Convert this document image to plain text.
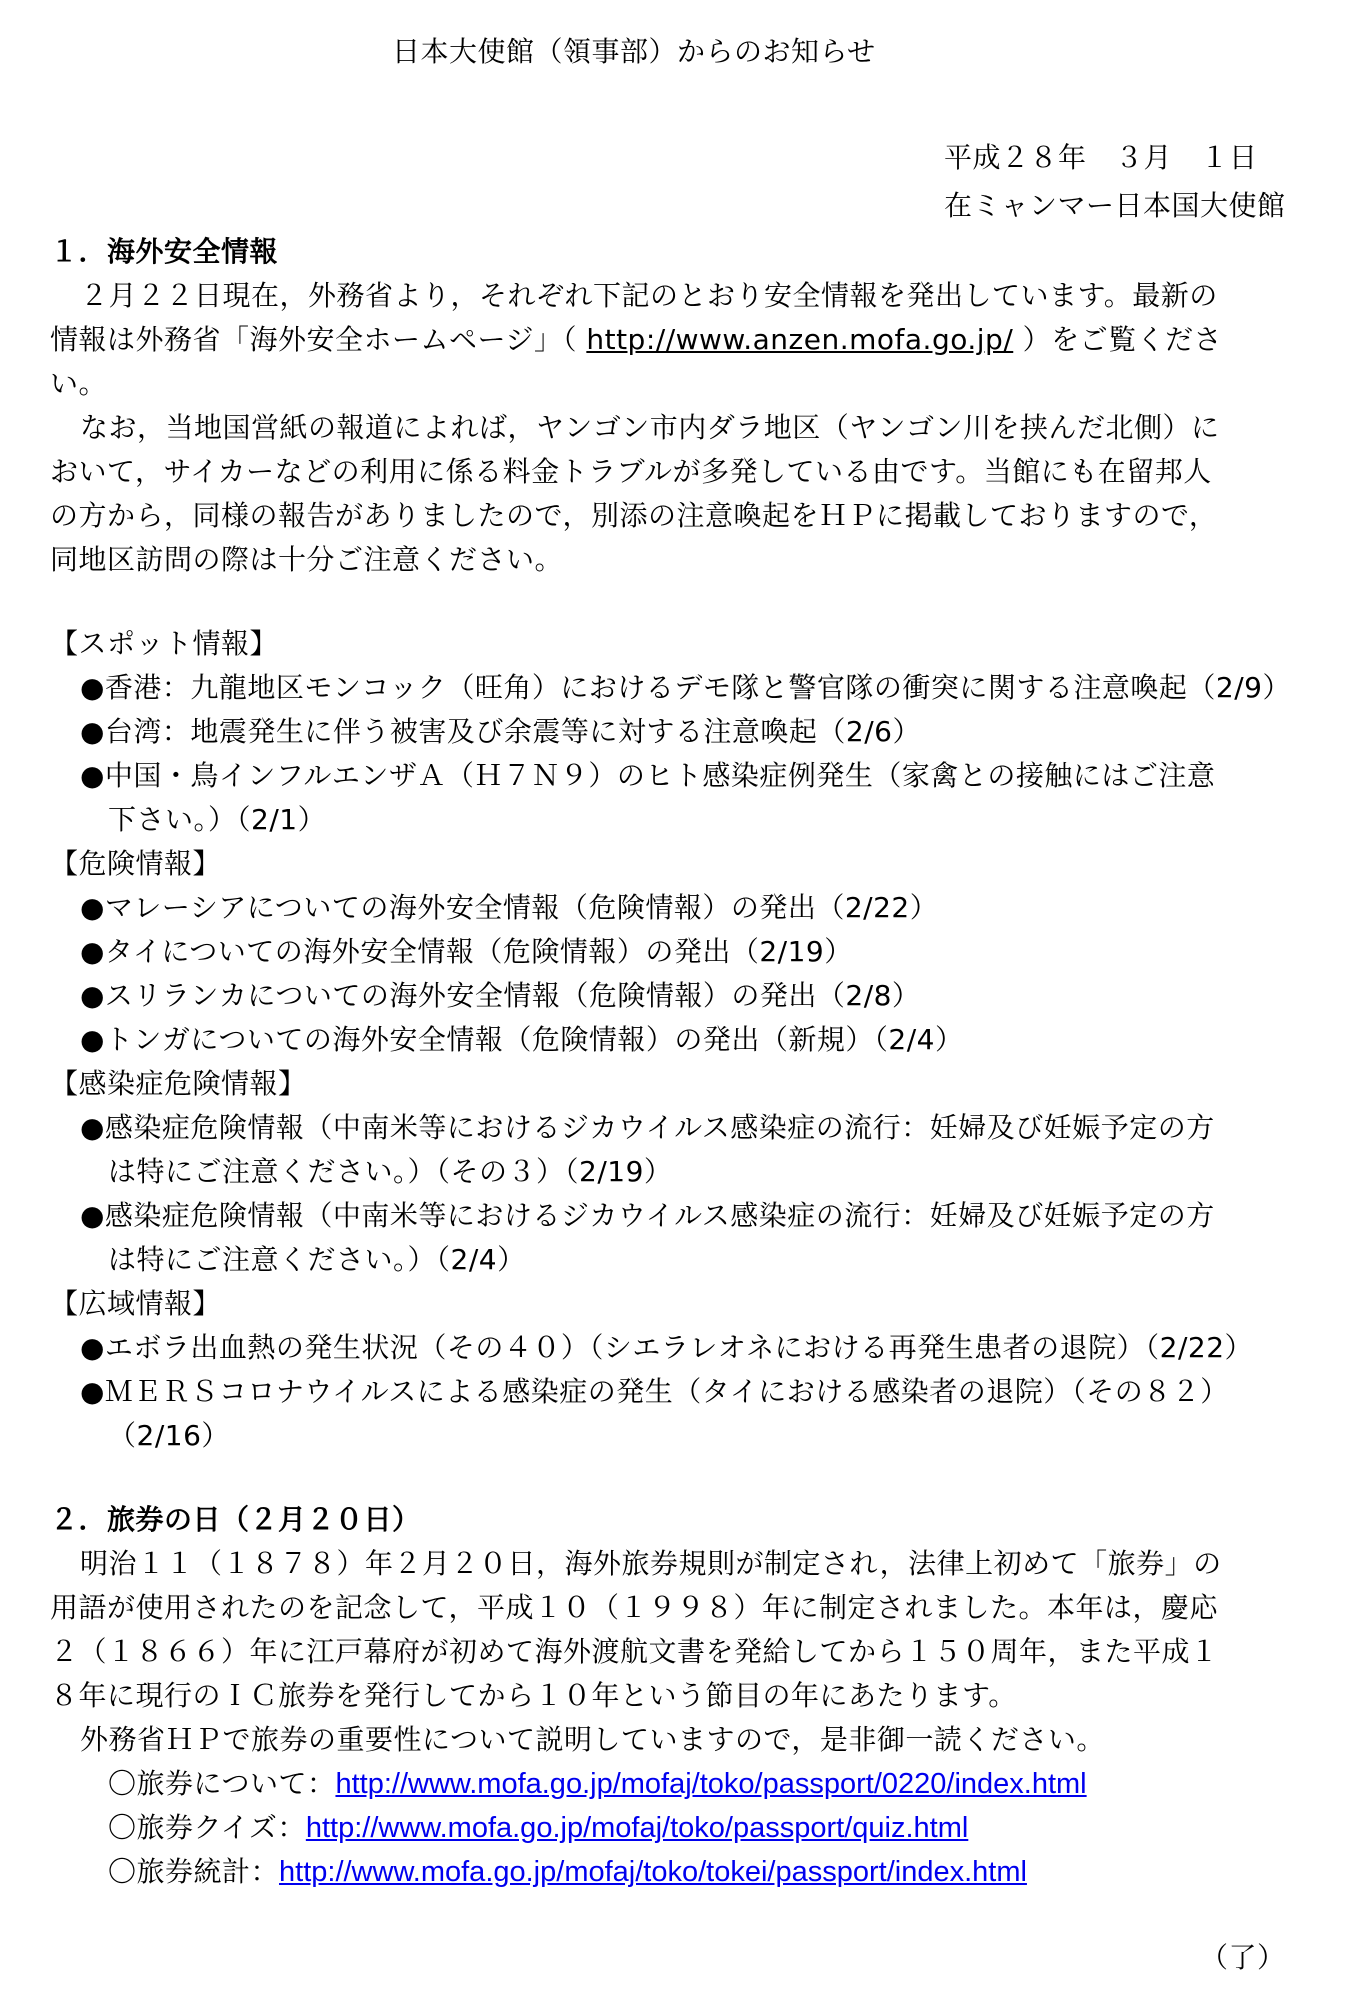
日本大使館（領事部）からのお知らせ
平成２８年　３月　１日
在ミャンマー日本国大使館
１．海外安全情報
２月２２日現在，外務省より，それぞれ下記のとおり安全情報を発出しています。最新の
情報は外務省「海外安全ホームページ」（ http://www.anzen.mofa.go.jp/ ）をご覧くださ
い。
なお，当地国営紙の報道によれば，ヤンゴン市内ダラ地区（ヤンゴン川を挟んだ北側）に
おいて，サイカーなどの利用に係る料金トラブルが多発している由です。当館にも在留邦人
の方から，同様の報告がありましたので，別添の注意喚起をＨＰに掲載しておりますので，
同地区訪問の際は十分ご注意ください。
【スポット情報】
●香港：九龍地区モンコック（旺角）におけるデモ隊と警官隊の衝突に関する注意喚起（2/9）
●台湾：地震発生に伴う被害及び余震等に対する注意喚起（2/6）
●中国・鳥インフルエンザＡ（Ｈ７Ｎ９）のヒト感染症例発生（家禽との接触にはご注意
下さい。）（2/1）
【危険情報】
●マレーシアについての海外安全情報（危険情報）の発出（2/22）
●タイについての海外安全情報（危険情報）の発出（2/19）
●スリランカについての海外安全情報（危険情報）の発出（2/8）
●トンガについての海外安全情報（危険情報）の発出（新規）（2/4）
【感染症危険情報】
●感染症危険情報（中南米等におけるジカウイルス感染症の流行：妊婦及び妊娠予定の方
は特にご注意ください。）（その３）（2/19）
●感染症危険情報（中南米等におけるジカウイルス感染症の流行：妊婦及び妊娠予定の方
は特にご注意ください。）（2/4）
【広域情報】
●エボラ出血熱の発生状況（その４０）（シエラレオネにおける再発生患者の退院）（2/22）
●ＭＥＲＳコロナウイルスによる感染症の発生（タイにおける感染者の退院）（その８２）
（2/16）
２．旅券の日（２月２０日）
明治１１（１８７８）年２月２０日，海外旅券規則が制定され，法律上初めて「旅券」の
用語が使用されたのを記念して，平成１０（１９９８）年に制定されました。本年は，慶応
２（１８６６）年に江戸幕府が初めて海外渡航文書を発給してから１５０周年，また平成１
８年に現行のＩＣ旅券を発行してから１０年という節目の年にあたります。
外務省ＨＰで旅券の重要性について説明していますので，是非御一読ください。
〇旅券について：http://www.mofa.go.jp/mofaj/toko/passport/0220/index.html
〇旅券クイズ：http://www.mofa.go.jp/mofaj/toko/passport/quiz.html
〇旅券統計：http://www.mofa.go.jp/mofaj/toko/tokei/passport/index.html
（了）
